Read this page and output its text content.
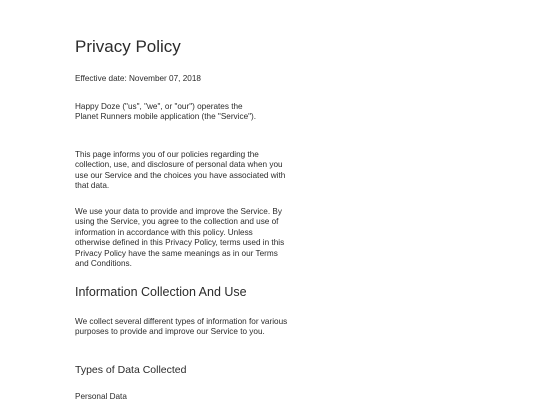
Privacy Policy

Effective date: November 07, 2018

Happy Doze ("us", "we", or "our") operates the Planet Runners mobile application (the "Service").

This page informs you of our policies regarding the collection, use, and disclosure of personal data when you use our Service and the choices you have associated with that data.

We use your data to provide and improve the Service. By using the Service, you agree to the collection and use of information in accordance with this policy. Unless otherwise defined in this Privacy Policy, terms used in this Privacy Policy have the same meanings as in our Terms and Conditions.

Information Collection And Use

We collect several different types of information for various purposes to provide and improve our Service to you.

Types of Data Collected

Personal Data
